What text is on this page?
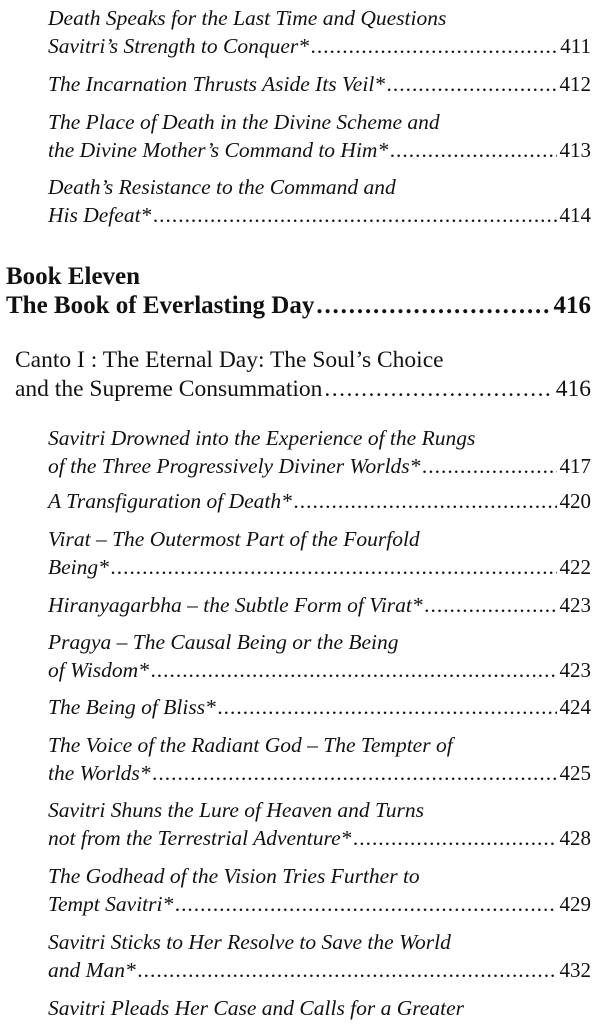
Death Speaks for the Last Time and Questions
Savitri’s Strength to Conquer* . . .	411
The Incarnation Thrusts Aside Its Veil* . . .	412
The Place of Death in the Divine Scheme and
the Divine Mother’s Command to Him* . . .	413
Death’s Resistance to the Command and
His Defeat* . . .	414
Book Eleven
The Book of Everlasting Day . . .	416
Canto I : The Eternal Day: The Soul’s Choice
and the Supreme Consummation . . .	416
Savitri Drowned into the Experience of the Rungs
of the Three Progressively Diviner Worlds* . . .	417
A Transfiguration of Death* . . .	420
Virat – The Outermost Part of the Fourfold
Being* . . .	422
Hiranyagarbha – the Subtle Form of Virat* . . .	423
Pragya – The Causal Being or the Being
of Wisdom* . . .	423
The Being of Bliss* . . .	424
The Voice of the Radiant God – The Tempter of
the Worlds* . . .	425
Savitri Shuns the Lure of Heaven and Turns
not from the Terrestrial Adventure* . . .	428
The Godhead of the Vision Tries Further to
Tempt Savitri* . . .	429
Savitri Sticks to Her Resolve to Save the World
and Man* . . .	432
Savitri Pleads Her Case and Calls for a Greater
